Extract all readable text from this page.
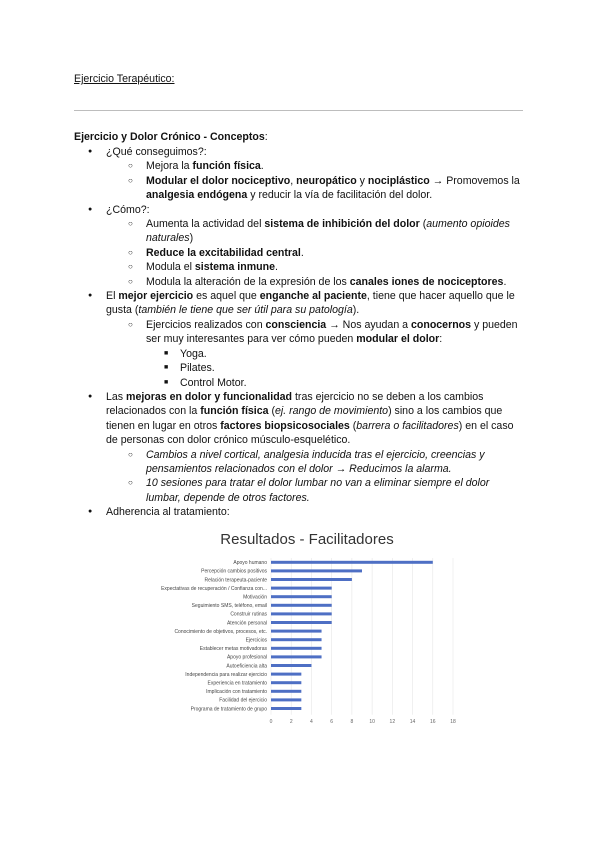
Ejercicio Terapéutico:
Ejercicio y Dolor Crónico - Conceptos:
● ¿Qué conseguimos?:
○ Mejora la función física.
○ Modular el dolor nociceptivo, neuropático y nociplástico → Promovemos la analgesia endógena y reducir la vía de facilitación del dolor.
● ¿Cómo?:
○ Aumenta la actividad del sistema de inhibición del dolor (aumento opioides naturales)
○ Reduce la excitabilidad central.
○ Modula el sistema inmune.
○ Modula la alteración de la expresión de los canales iones de nociceptores.
● El mejor ejercicio es aquel que enganche al paciente, tiene que hacer aquello que le gusta (también le tiene que ser útil para su patología).
○ Ejercicios realizados con consciencia → Nos ayudan a conocernos y pueden ser muy interesantes para ver cómo pueden modular el dolor:
■ Yoga.
■ Pilates.
■ Control Motor.
● Las mejoras en dolor y funcionalidad tras ejercicio no se deben a los cambios relacionados con la función física (ej. rango de movimiento) sino a los cambios que tienen en lugar en otros factores biopsicosociales (barrera o facilitadores) en el caso de personas con dolor crónico músculo-esquelético.
○ Cambios a nivel cortical, analgesia inducida tras el ejercicio, creencias y pensamientos relacionados con el dolor → Reducimos la alarma.
○ 10 sesiones para tratar el dolor lumbar no van a eliminar siempre el dolor lumbar, depende de otros factores.
● Adherencia al tratamiento:
Resultados - Facilitadores
Apoyo humano
Percepción cambios positivos
Relación terapeuta-paciente
Expectativas de recuperación / Confianza con...
Motivación
Seguimiento SMS, teléfono, email
Construir rutinas
Atención personal
Conocimiento de objetivos, procesos, etc.
Ejercicios
Establecer metas motivadoras
Apoyo profesional
Autoeficiencia alta
Independencia para realizar ejercicio
Experiencia en tratamiento
Implicación con tratamiento
Facilidad del ejercicio
Programa de tratamiento de grupo
0	2	4	6	8	10	12	14	16	18
